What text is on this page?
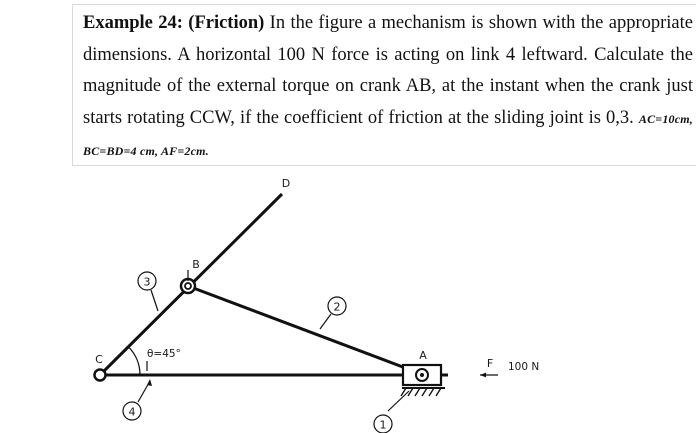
Example 24: (Friction) In the figure a mechanism is shown with the appropriate dimensions. A horizontal 100 N force is acting on link 4 leftward. Calculate the magnitude of the external torque on crank AB, at the instant when the crank just starts rotating CCW, if the coefficient of friction at the sliding joint is 0,3. AC=10cm, BC=BD=4 cm, AF=2cm.

3
2
4
1
D
B
C	A
F
θ=45°
100 N
